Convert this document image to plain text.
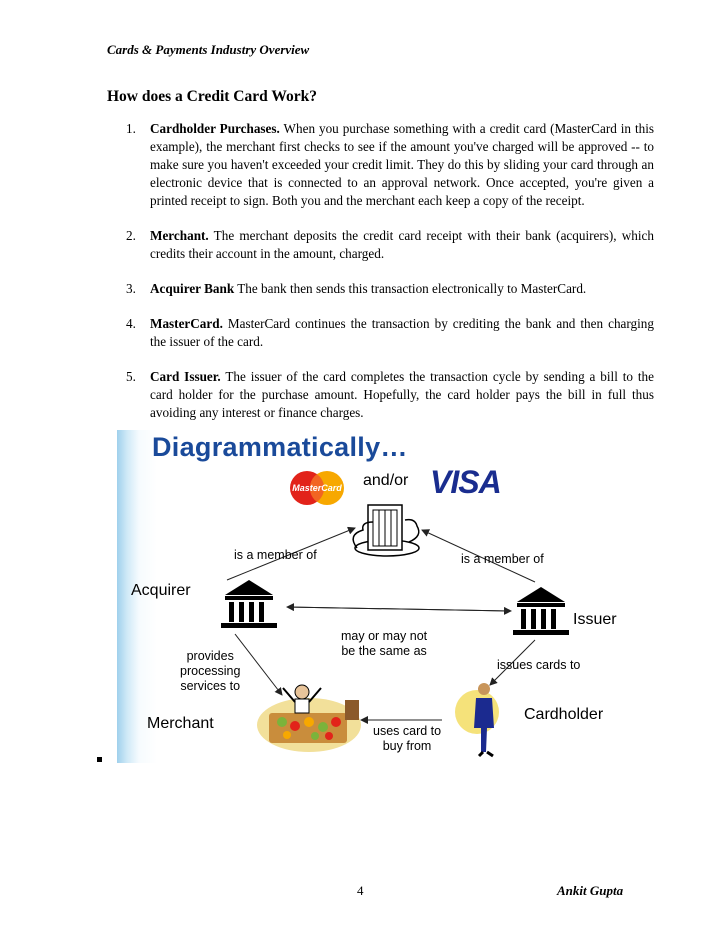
Cards & Payments Industry Overview
How does a Credit Card Work?
1. Cardholder Purchases. When you purchase something with a credit card (MasterCard in this example), the merchant first checks to see if the amount you've charged will be approved -- to make sure you haven't exceeded your credit limit. They do this by sliding your card through an electronic device that is connected to an approval network. Once accepted, you're given a printed receipt to sign. Both you and the merchant each keep a copy of the receipt.
2. Merchant. The merchant deposits the credit card receipt with their bank (acquirers), which credits their account in the amount, charged.
3. Acquirer Bank The bank then sends this transaction electronically to MasterCard.
4. MasterCard. MasterCard continues the transaction by crediting the bank and then charging the issuer of the card.
5. Card Issuer. The issuer of the card completes the transaction cycle by sending a bill to the card holder for the purchase amount. Hopefully, the card holder pays the bill in full thus avoiding any interest or finance charges.
Diagrammatically…
MasterCard and/or VISA
Acquirer
Issuer
Merchant
Cardholder
is a member of	is a member of
may or may not
be the same as
provides
processing
services to
issues cards to
uses card to
buy from
4	Ankit Gupta
